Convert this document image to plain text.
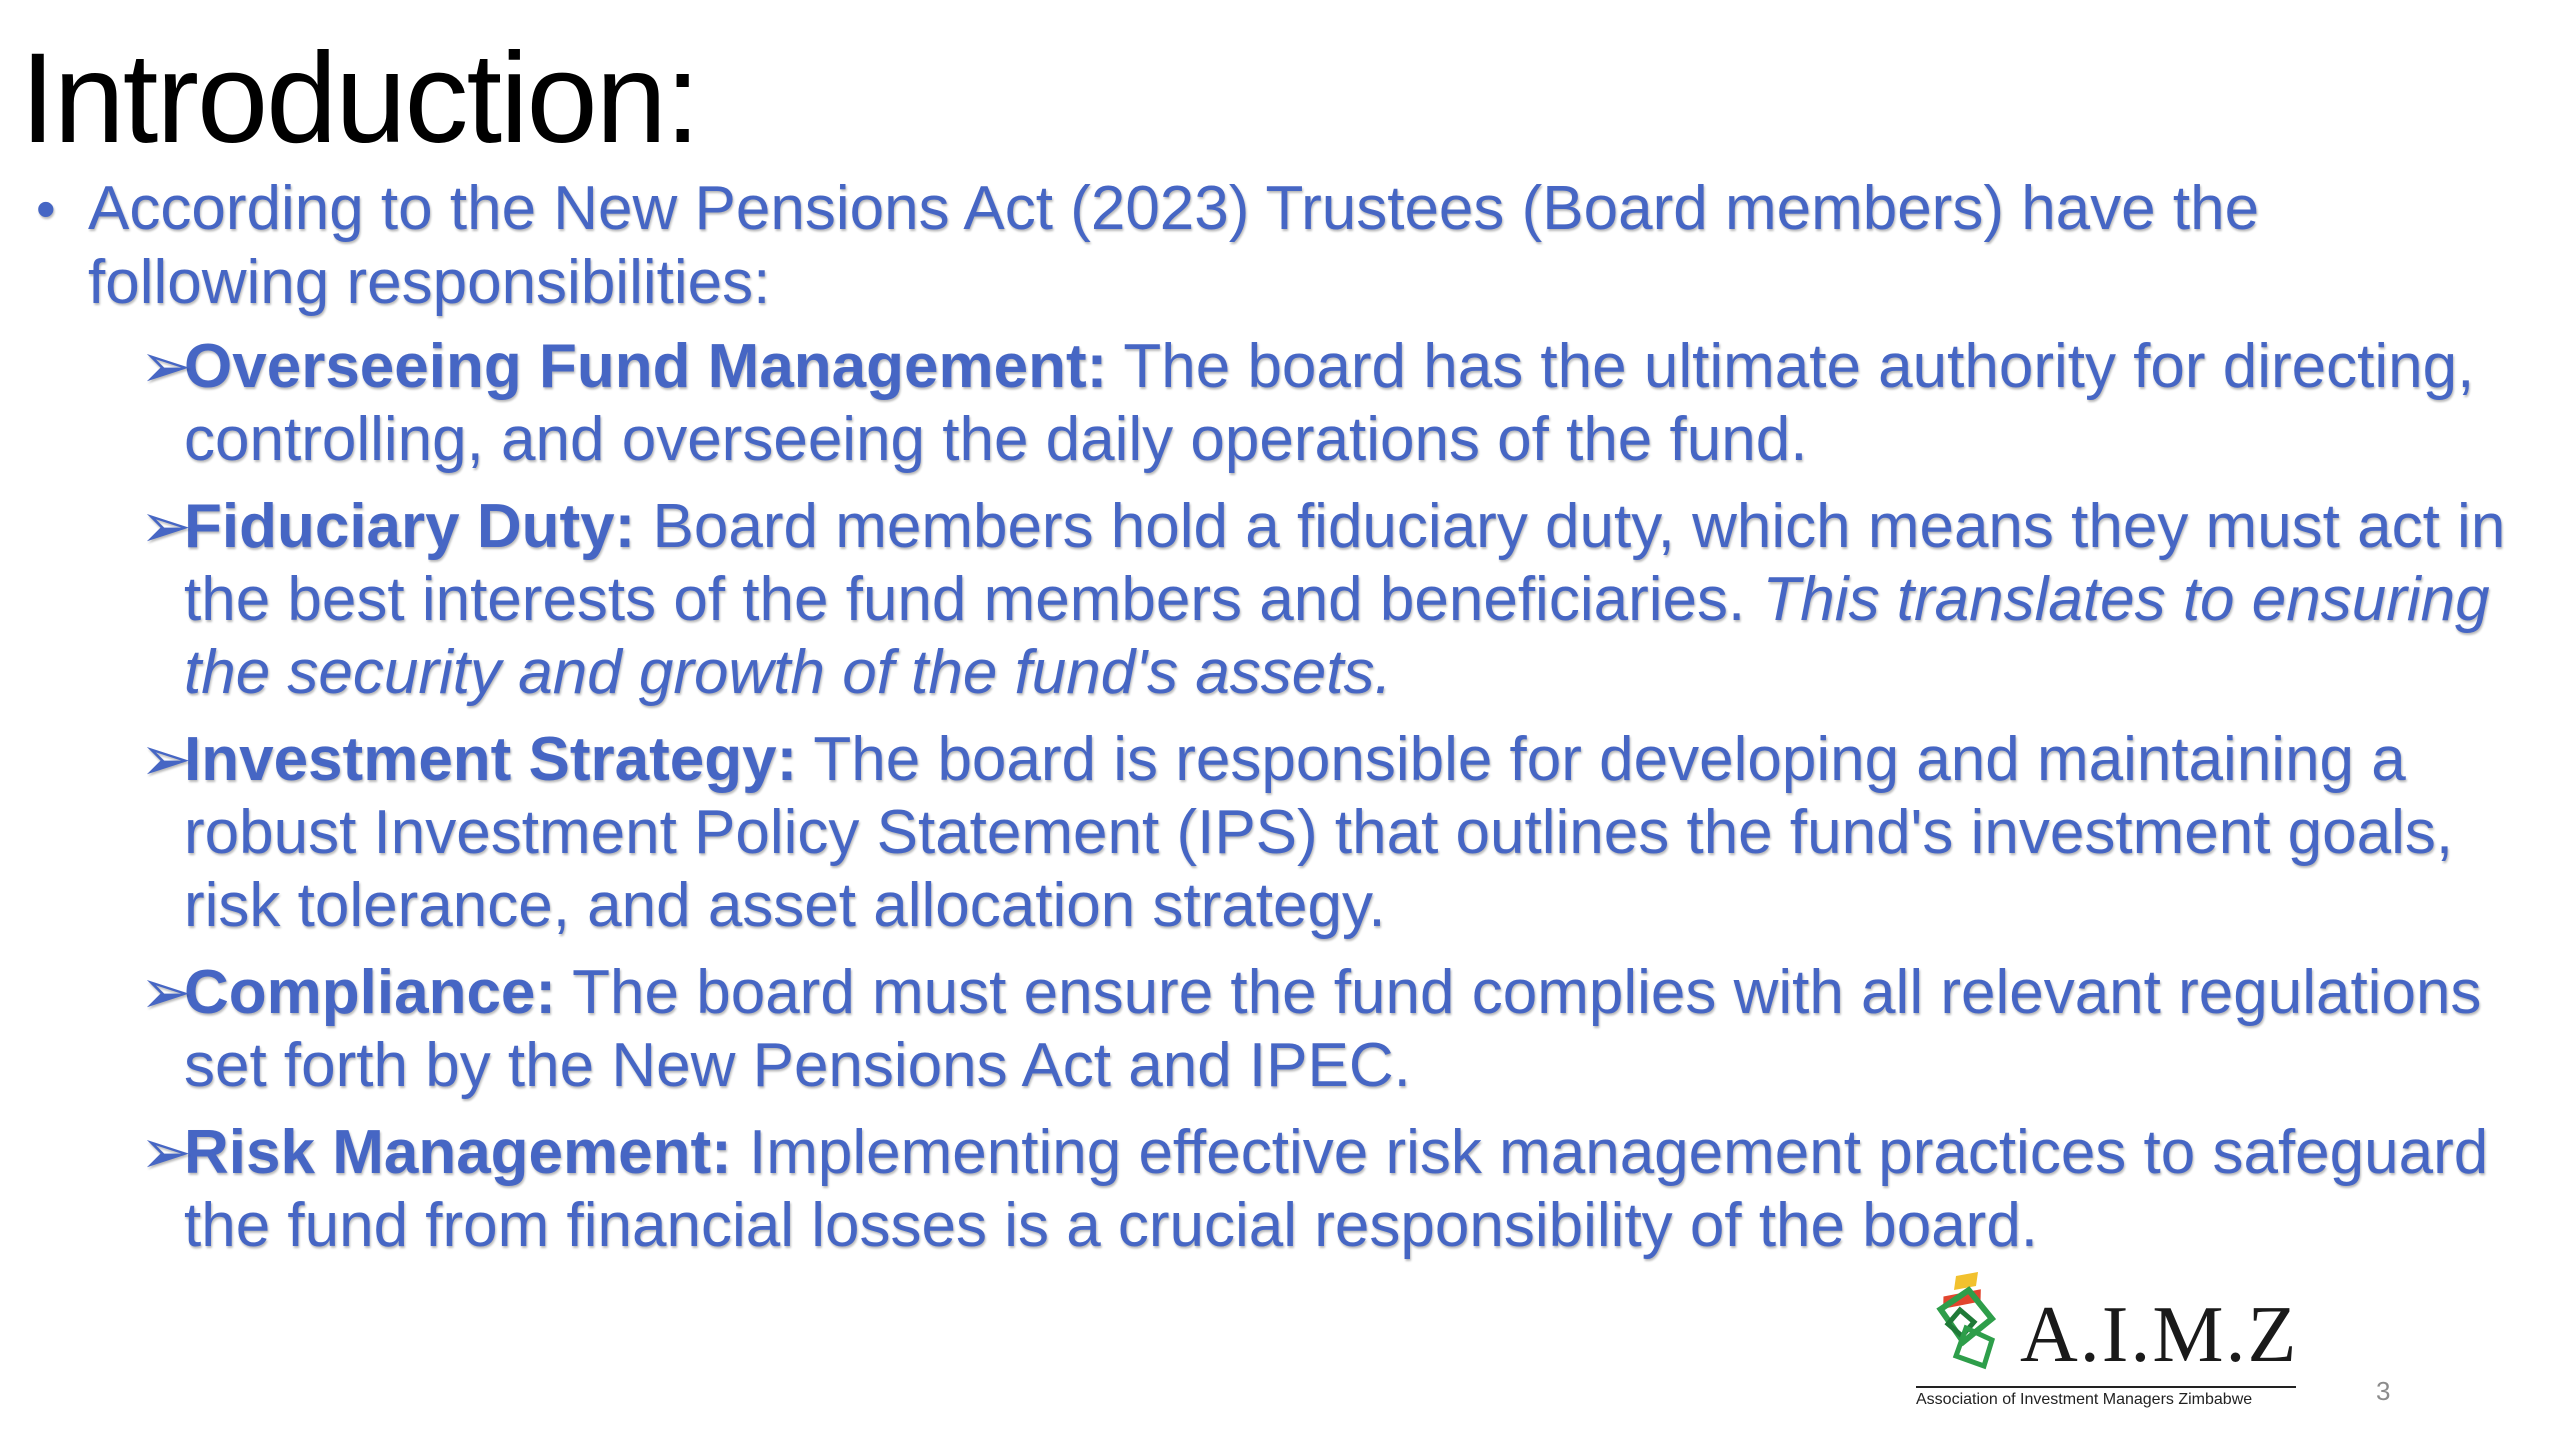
Introduction:

• According to the New Pensions Act (2023) Trustees (Board members) have the following responsibilities:

➢
Overseeing Fund Management: The board has the ultimate authority for directing, controlling, and overseeing the daily operations of the fund.
➢
Fiduciary Duty: Board members hold a fiduciary duty, which means they must act in the best interests of the fund members and beneficiaries. This translates to ensuring the security and growth of the fund's assets.
➢
Investment Strategy: The board is responsible for developing and maintaining a robust Investment Policy Statement (IPS) that outlines the fund's investment goals, risk tolerance, and asset allocation strategy.
➢
Compliance: The board must ensure the fund complies with all relevant regulations set forth by the New Pensions Act and IPEC.
➢
Risk Management: Implementing effective risk management practices to safeguard the fund from financial losses is a crucial responsibility of the board.
A.I.M.Z
Association of Investment Managers Zimbabwe	3
